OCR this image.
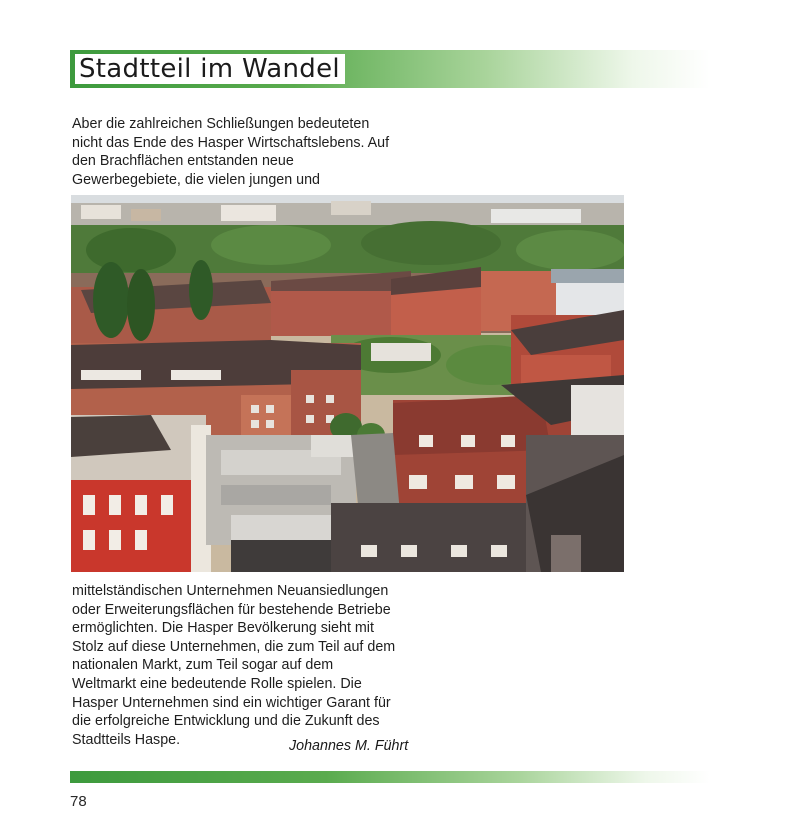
Stadtteil im Wandel

Aber die zahlreichen Schließungen bedeuteten
nicht das Ende des Hasper Wirtschaftslebens. Auf
den Brachflächen entstanden neue
Gewerbegebiete, die vielen jungen und

mittelständischen Unternehmen Neuansiedlungen
oder Erweiterungsflächen für bestehende Betriebe
ermöglichten. Die Hasper Bevölkerung sieht mit
Stolz auf diese Unternehmen, die zum Teil auf dem
nationalen Markt, zum Teil sogar auf dem
Weltmarkt eine bedeutende Rolle spielen. Die
Hasper Unternehmen sind ein wichtiger Garant für
die erfolgreiche Entwicklung und die Zukunft des
Stadtteils Haspe.	Johannes M. Führt
78
